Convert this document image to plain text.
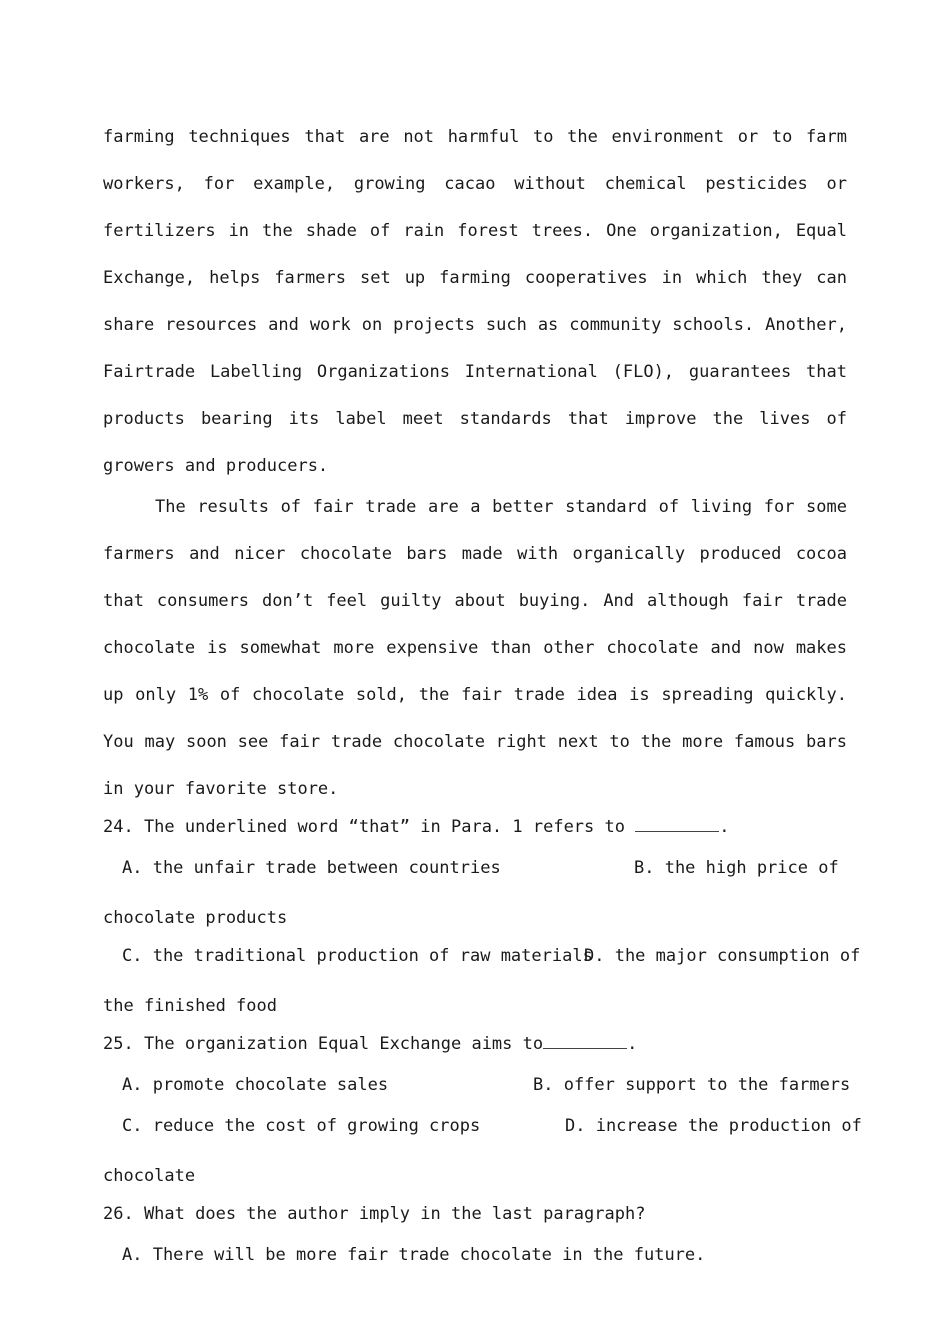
farming techniques that are not harmful to the environment or to farm workers, for example, growing cacao without chemical pesticides or fertilizers in the shade of rain forest trees. One organization, Equal Exchange, helps farmers set up farming cooperatives in which they can share resources and work on projects such as community schools. Another, Fairtrade Labelling Organizations International (FLO), guarantees that products bearing its label meet standards that improve the lives of growers and producers.

The results of fair trade are a better standard of living for some farmers and nicer chocolate bars made with organically produced cocoa that consumers don’t feel guilty about buying. And although fair trade chocolate is somewhat more expensive than other chocolate and now makes up only 1% of chocolate sold, the fair trade idea is spreading quickly. You may soon see fair trade chocolate right next to the more famous bars in your favorite store.

24. The underlined word “that” in Para. 1 refers to	.

A. the unfair trade between countries	B. the high price of

chocolate products

C. the traditional production of raw materials
D. the major consumption of

the finished food

25. The organization Equal Exchange aims to	.

A. promote chocolate sales	B. offer support to the farmers
C. reduce the cost of growing crops	D. increase the production of

chocolate

26. What does the author imply in the last paragraph?

A. There will be more fair trade chocolate in the future.
